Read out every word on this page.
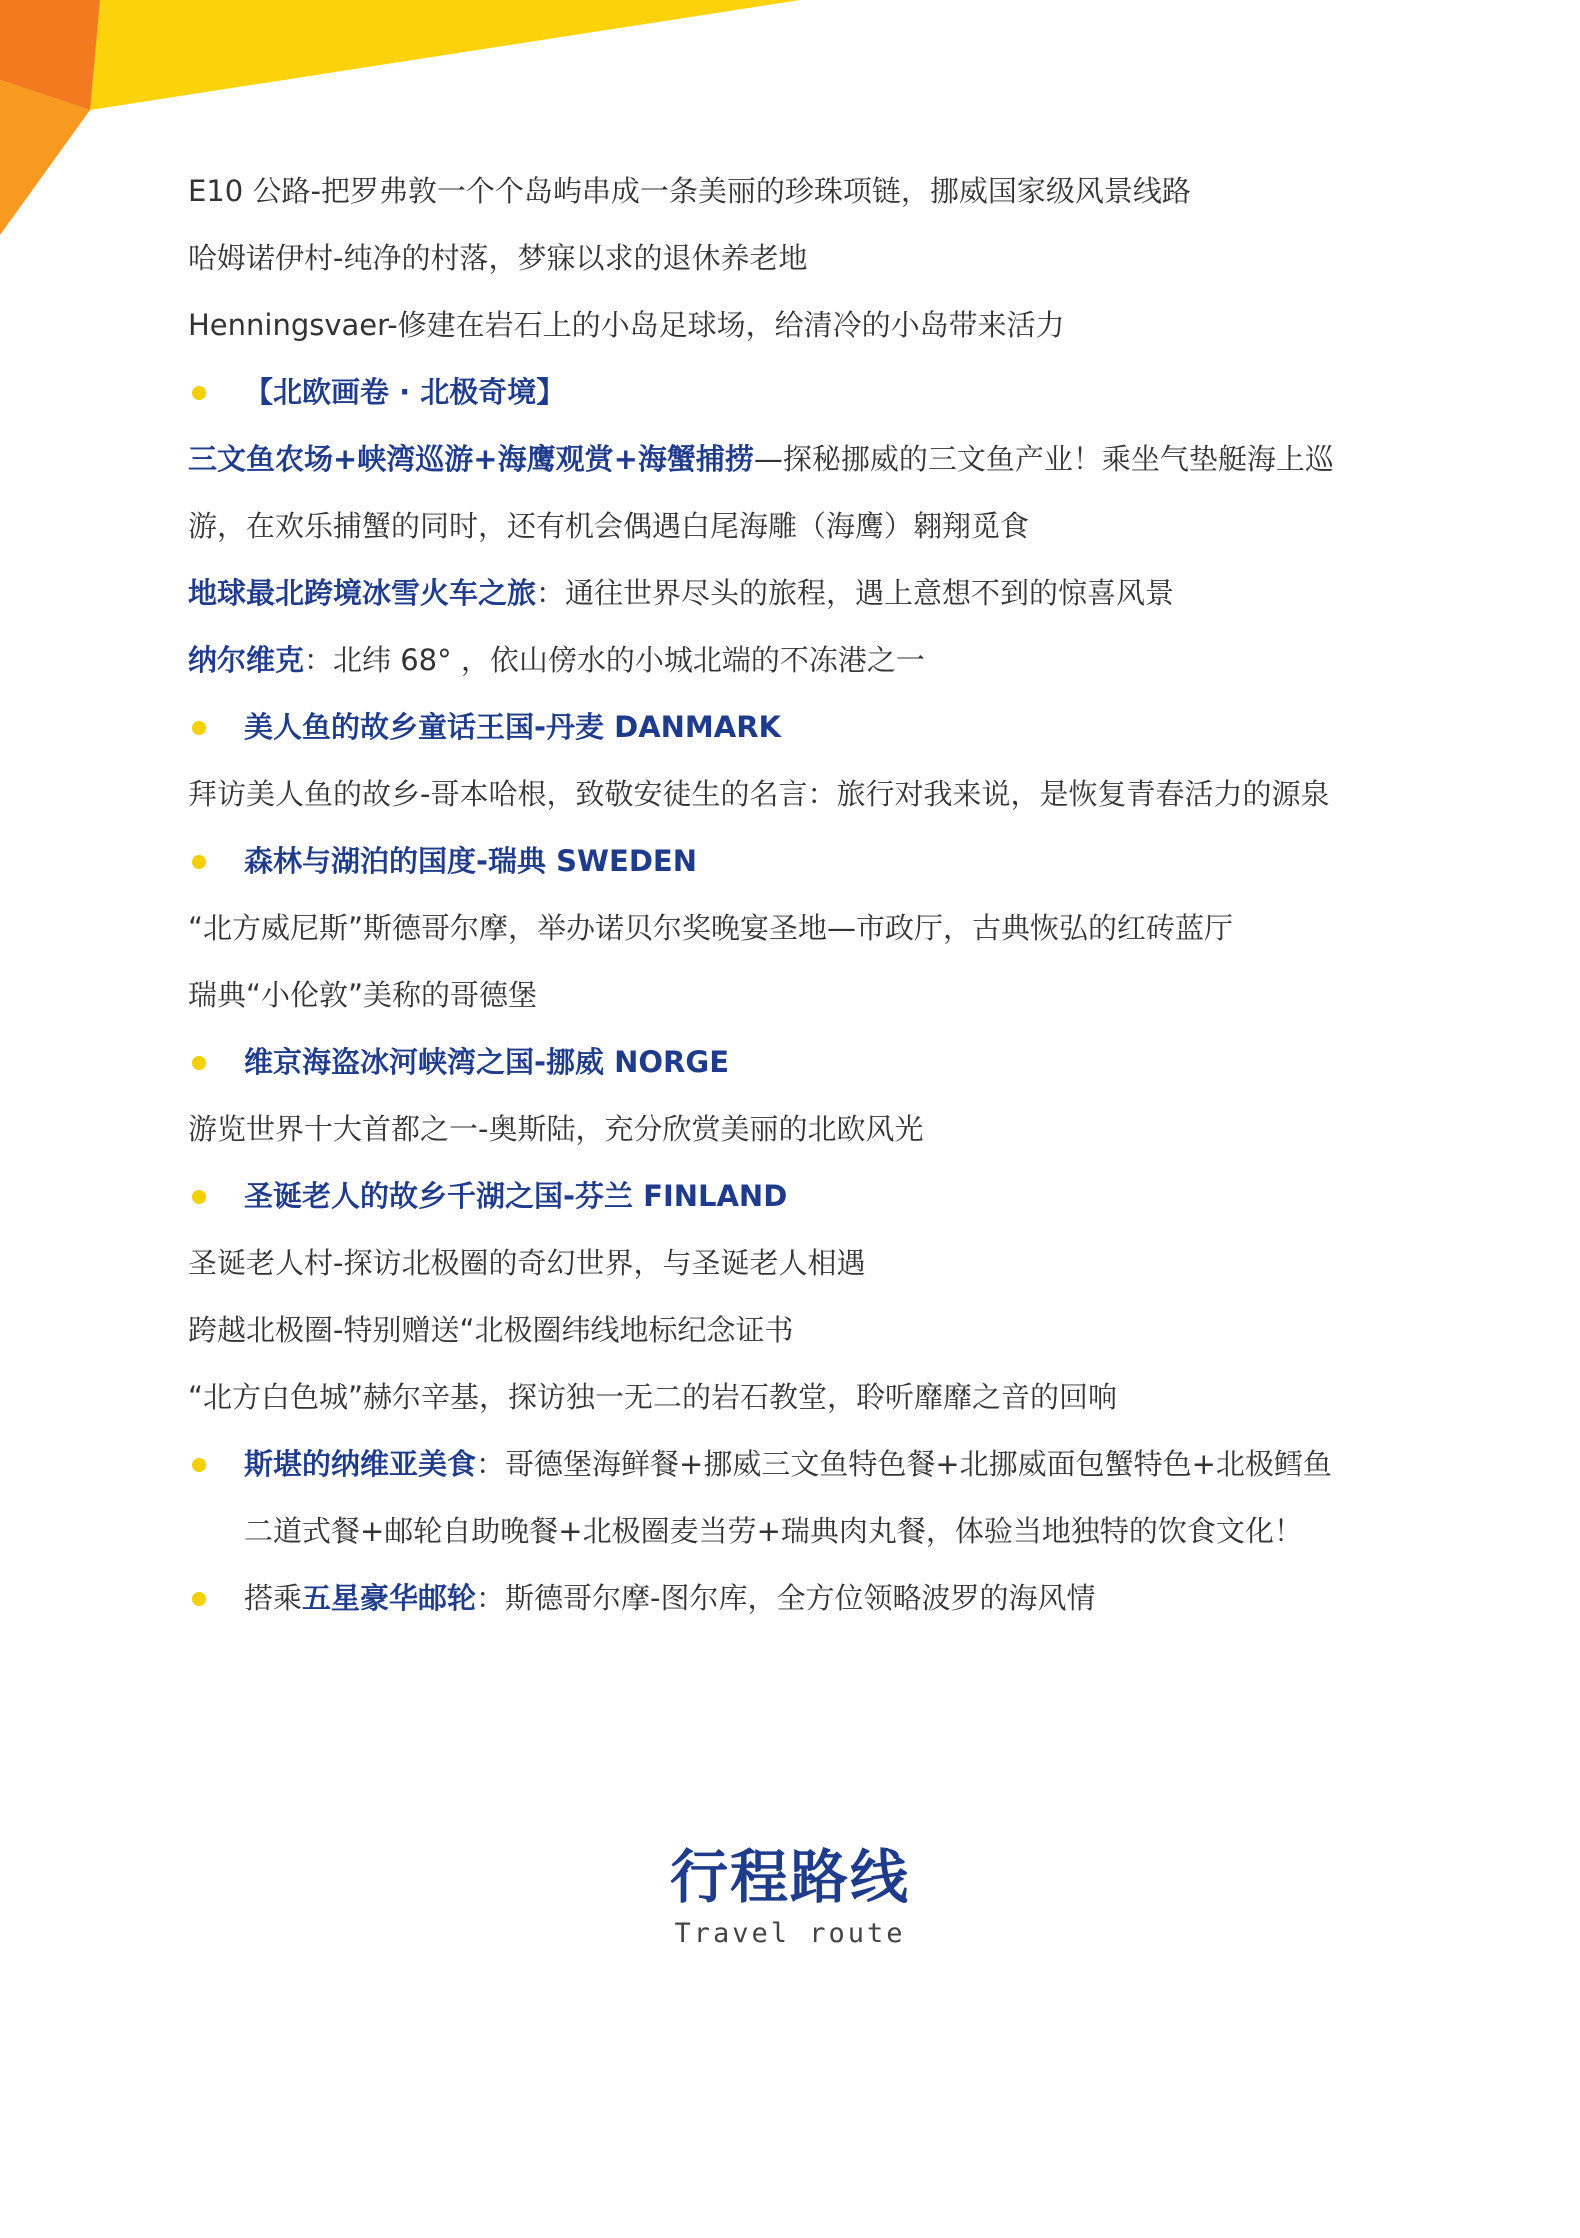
E10 公路-把罗弗敦一个个岛屿串成一条美丽的珍珠项链，挪威国家级风景线路
哈姆诺伊村-纯净的村落，梦寐以求的退休养老地
Henningsvaer-修建在岩石上的小岛足球场，给清冷的小岛带来活力
【北欧画卷 · 北极奇境】
三文鱼农场+峡湾巡游+海鹰观赏+海蟹捕捞—探秘挪威的三文鱼产业！乘坐气垫艇海上巡
游，在欢乐捕蟹的同时，还有机会偶遇白尾海雕（海鹰）翱翔觅食
地球最北跨境冰雪火车之旅：通往世界尽头的旅程，遇上意想不到的惊喜风景
纳尔维克：北纬 68° ，依山傍水的小城北端的不冻港之一
美人鱼的故乡童话王国-丹麦 DANMARK
拜访美人鱼的故乡-哥本哈根，致敬安徒生的名言：旅行对我来说，是恢复青春活力的源泉
森林与湖泊的国度-瑞典 SWEDEN
“北方威尼斯”斯德哥尔摩，举办诺贝尔奖晚宴圣地—市政厅，古典恢弘的红砖蓝厅
瑞典“小伦敦”美称的哥德堡
维京海盗冰河峡湾之国-挪威 NORGE
游览世界十大首都之一-奥斯陆，充分欣赏美丽的北欧风光
圣诞老人的故乡千湖之国-芬兰 FINLAND
圣诞老人村-探访北极圈的奇幻世界，与圣诞老人相遇
跨越北极圈-特别赠送“北极圈纬线地标纪念证书
“北方白色城”赫尔辛基，探访独一无二的岩石教堂，聆听靡靡之音的回响
斯堪的纳维亚美食：哥德堡海鲜餐+挪威三文鱼特色餐+北挪威面包蟹特色+北极鳕鱼
二道式餐+邮轮自助晚餐+北极圈麦当劳+瑞典肉丸餐，体验当地独特的饮食文化！
搭乘五星豪华邮轮：斯德哥尔摩-图尔库，全方位领略波罗的海风情
行程路线
Travel route
